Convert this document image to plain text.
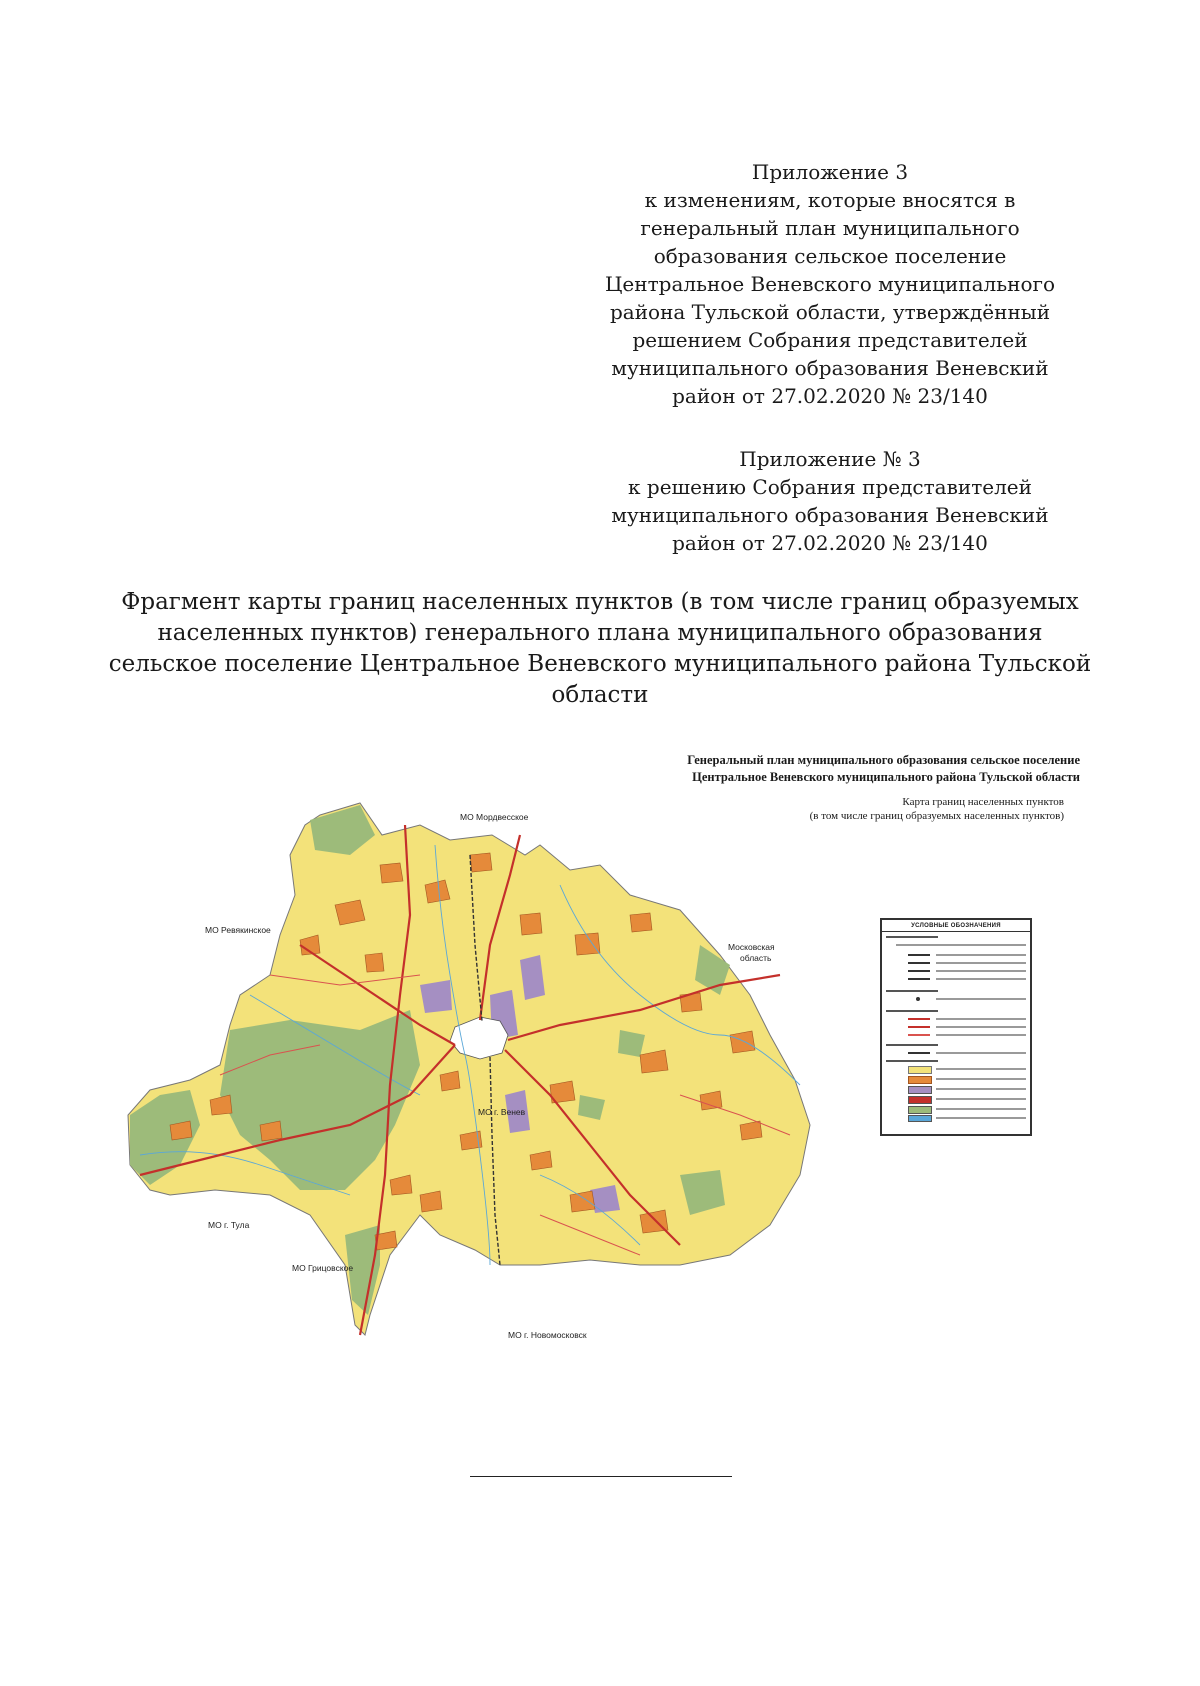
Приложение 3
к изменениям, которые вносятся в
генеральный план муниципального
образования сельское поселение
Центральное Веневского муниципального
района Тульской области, утверждённый
решением Собрания представителей
муниципального образования Веневский
район от 27.02.2020 № 23/140
Приложение № 3
к решению Собрания представителей
муниципального образования Веневский
район от 27.02.2020 № 23/140
Фрагмент карты границ населенных пунктов (в том числе границ образуемых
населенных пунктов) генерального плана муниципального образования
сельское поселение Центральное Веневского муниципального района Тульской
области
Генеральный план муниципального образования сельское поселение
Центральное Веневского муниципального района Тульской области
Карта границ населенных пунктов
(в том числе границ образуемых населенных пунктов)
МО Мордвесское
МО Ревякинское
Московская
область
МО г. Венев
МО г. Тула
МО Грицовское
МО г. Новомосковск
УСЛОВНЫЕ ОБОЗНАЧЕНИЯ
